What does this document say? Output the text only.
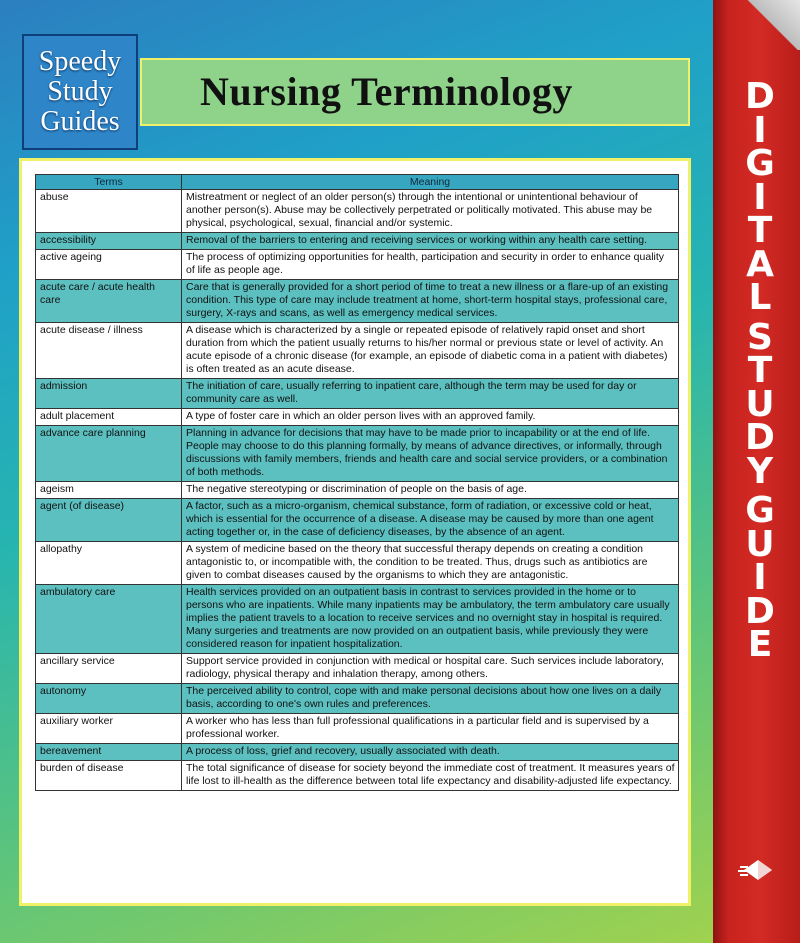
Speedy
Study
Guides
Nursing Terminology
Terms	Meaning
abuse	Mistreatment or neglect of an older person(s) through the intentional or unintentional behaviour of another person(s). Abuse may be collectively perpetrated or politically motivated. This abuse may be physical, psychological, sexual, financial and/or systemic.
accessibility	Removal of the barriers to entering and receiving services or working within any health care setting.
active ageing	The process of optimizing opportunities for health, participation and security in order to enhance quality of life as people age.
acute care / acute health care	Care that is generally provided for a short period of time to treat a new illness or a flare-up of an existing condition. This type of care may include treatment at home, short-term hospital stays, professional care, surgery, X-rays and scans, as well as emergency medical services.
acute disease / illness	A disease which is characterized by a single or repeated episode of relatively rapid onset and short duration from which the patient usually returns to his/her normal or previous state or level of activity. An acute episode of a chronic disease (for example, an episode of diabetic coma in a patient with diabetes) is often treated as an acute disease.
admission	The initiation of care, usually referring to inpatient care, although the term may be used for day or community care as well.
adult placement	A type of foster care in which an older person lives with an approved family.
advance care planning	Planning in advance for decisions that may have to be made prior to incapability or at the end of life. People may choose to do this planning formally, by means of advance directives, or informally, through discussions with family members, friends and health care and social service providers, or a combination of both methods.
ageism	The negative stereotyping or discrimination of people on the basis of age.
agent (of disease)	A factor, such as a micro-organism, chemical substance, form of radiation, or excessive cold or heat, which is essential for the occurrence of a disease. A disease may be caused by more than one agent acting together or, in the case of deficiency diseases, by the absence of an agent.
allopathy	A system of medicine based on the theory that successful therapy depends on creating a condition antagonistic to, or incompatible with, the condition to be treated. Thus, drugs such as antibiotics are given to combat diseases caused by the organisms to which they are antagonistic.
ambulatory care	Health services provided on an outpatient basis in contrast to services provided in the home or to persons who are inpatients. While many inpatients may be ambulatory, the term ambulatory care usually implies the patient travels to a location to receive services and no overnight stay in hospital is required. Many surgeries and treatments are now provided on an outpatient basis, while previously they were considered reason for inpatient hospitalization.
ancillary service	Support service provided in conjunction with medical or hospital care. Such services include laboratory, radiology, physical therapy and inhalation therapy, among others.
autonomy	The perceived ability to control, cope with and make personal decisions about how one lives on a daily basis, according to one's own rules and preferences.
auxiliary worker	A worker who has less than full professional qualifications in a particular field and is supervised by a professional worker.
bereavement	A process of loss, grief and recovery, usually associated with death.
burden of disease	The total significance of disease for society beyond the immediate cost of treatment. It measures years of life lost to ill-health as the difference between total life expectancy and disability-adjusted life expectancy.
D
I
G
I
T
A
L
S
T
U
D
Y
G
U
I
D
E
